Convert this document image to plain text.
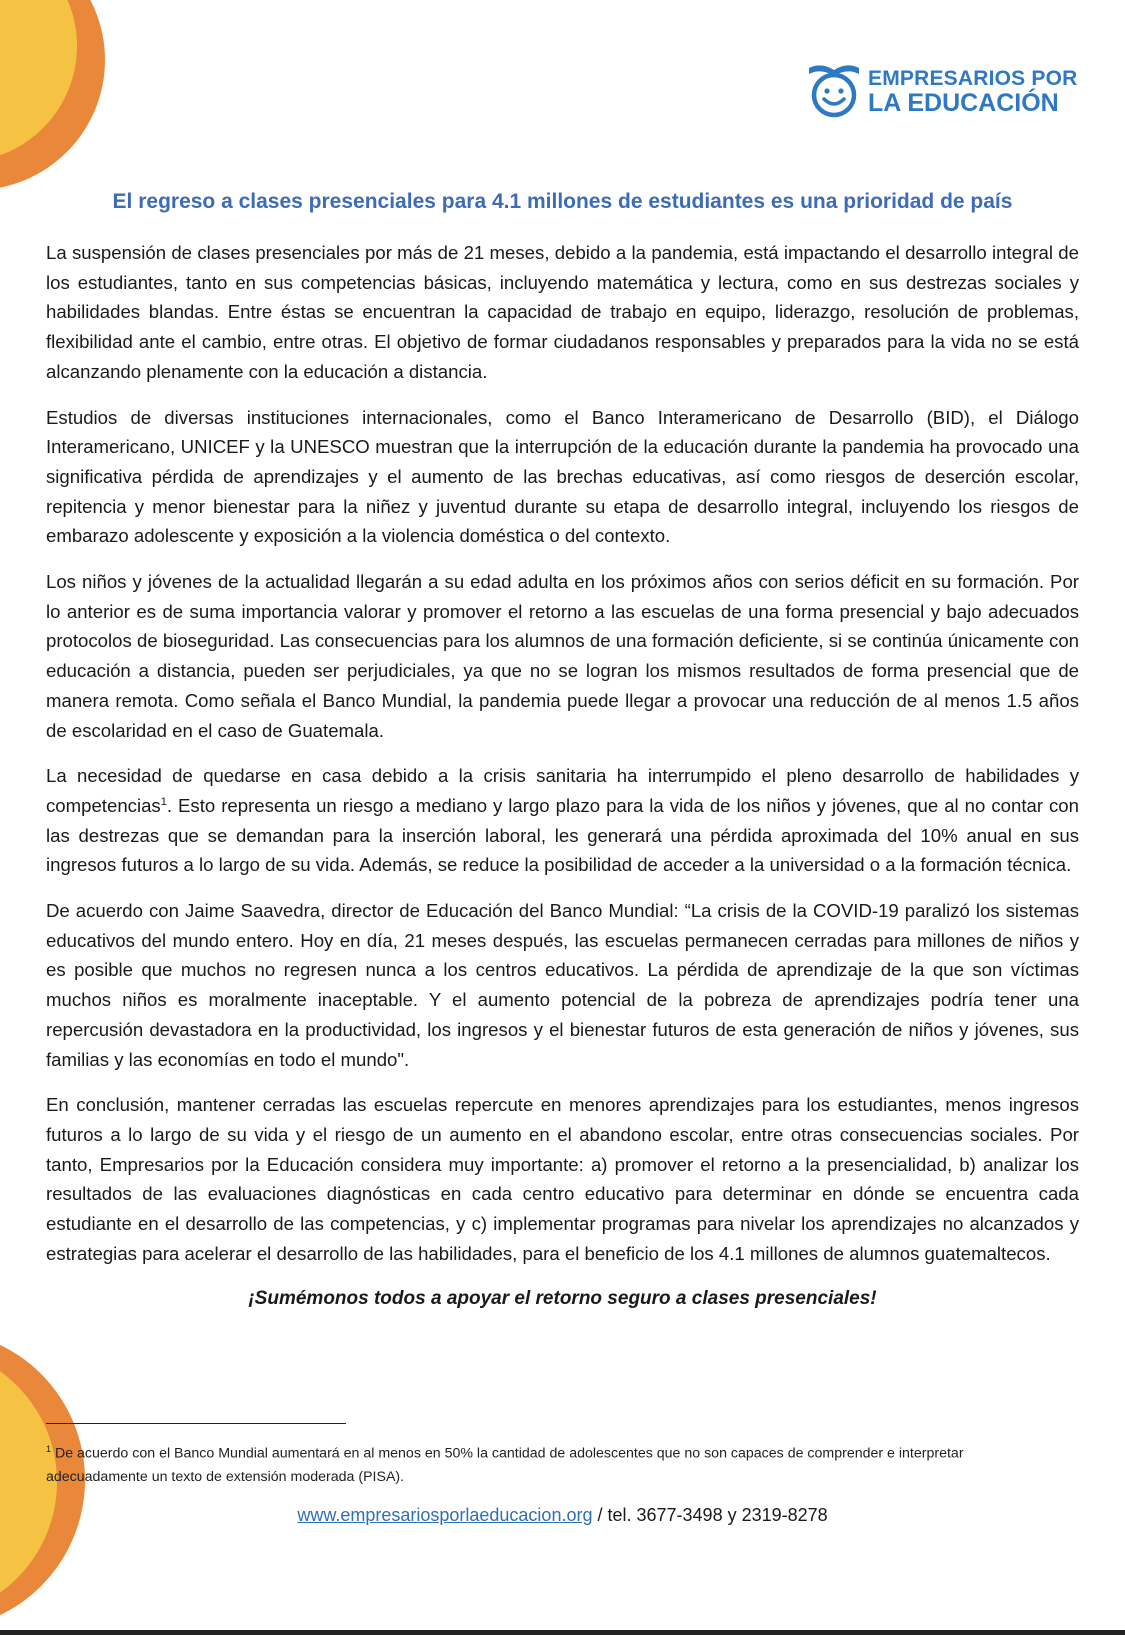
EMPRESARIOS POR
LA EDUCACIÓN
El regreso a clases presenciales para 4.1 millones de estudiantes es una prioridad de país

La suspensión de clases presenciales por más de 21 meses, debido a la pandemia, está impactando el desarrollo integral de los estudiantes, tanto en sus competencias básicas, incluyendo matemática y lectura, como en sus destrezas sociales y habilidades blandas. Entre éstas se encuentran la capacidad de trabajo en equipo, liderazgo, resolución de problemas, flexibilidad ante el cambio, entre otras. El objetivo de formar ciudadanos responsables y preparados para la vida no se está alcanzando plenamente con la educación a distancia.

Estudios de diversas instituciones internacionales, como el Banco Interamericano de Desarrollo (BID), el Diálogo Interamericano, UNICEF y la UNESCO muestran que la interrupción de la educación durante la pandemia ha provocado una significativa pérdida de aprendizajes y el aumento de las brechas educativas, así como riesgos de deserción escolar, repitencia y menor bienestar para la niñez y juventud durante su etapa de desarrollo integral, incluyendo los riesgos de embarazo adolescente y exposición a la violencia doméstica o del contexto.

Los niños y jóvenes de la actualidad llegarán a su edad adulta en los próximos años con serios déficit en su formación. Por lo anterior es de suma importancia valorar y promover el retorno a las escuelas de una forma presencial y bajo adecuados protocolos de bioseguridad. Las consecuencias para los alumnos de una formación deficiente, si se continúa únicamente con educación a distancia, pueden ser perjudiciales, ya que no se logran los mismos resultados de forma presencial que de manera remota. Como señala el Banco Mundial, la pandemia puede llegar a provocar una reducción de al menos 1.5 años de escolaridad en el caso de Guatemala.

La necesidad de quedarse en casa debido a la crisis sanitaria ha interrumpido el pleno desarrollo de habilidades y competencias$^1$. Esto representa un riesgo a mediano y largo plazo para la vida de los niños y jóvenes, que al no contar con las destrezas que se demandan para la inserción laboral, les generará una pérdida aproximada del 10% anual en sus ingresos futuros a lo largo de su vida. Además, se reduce la posibilidad de acceder a la universidad o a la formación técnica.

De acuerdo con Jaime Saavedra, director de Educación del Banco Mundial: “La crisis de la COVID-19 paralizó los sistemas educativos del mundo entero. Hoy en día, 21 meses después, las escuelas permanecen cerradas para millones de niños y es posible que muchos no regresen nunca a los centros educativos. La pérdida de aprendizaje de la que son víctimas muchos niños es moralmente inaceptable. Y el aumento potencial de la pobreza de aprendizajes podría tener una repercusión devastadora en la productividad, los ingresos y el bienestar futuros de esta generación de niños y jóvenes, sus familias y las economías en todo el mundo".

En conclusión, mantener cerradas las escuelas repercute en menores aprendizajes para los estudiantes, menos ingresos futuros a lo largo de su vida y el riesgo de un aumento en el abandono escolar, entre otras consecuencias sociales. Por tanto, Empresarios por la Educación considera muy importante: a) promover el retorno a la presencialidad, b) analizar los resultados de las evaluaciones diagnósticas en cada centro educativo para determinar en dónde se encuentra cada estudiante en el desarrollo de las competencias, y c) implementar programas para nivelar los aprendizajes no alcanzados y estrategias para acelerar el desarrollo de las habilidades, para el beneficio de los 4.1 millones de alumnos guatemaltecos.

¡Sumémonos todos a apoyar el retorno seguro a clases presenciales!

$^1$ De acuerdo con el Banco Mundial aumentará en al menos en 50% la cantidad de adolescentes que no son capaces de comprender e interpretar adecuadamente un texto de extensión moderada (PISA).
www.empresariosporlaeducacion.org / tel. 3677-3498 y 2319-8278
